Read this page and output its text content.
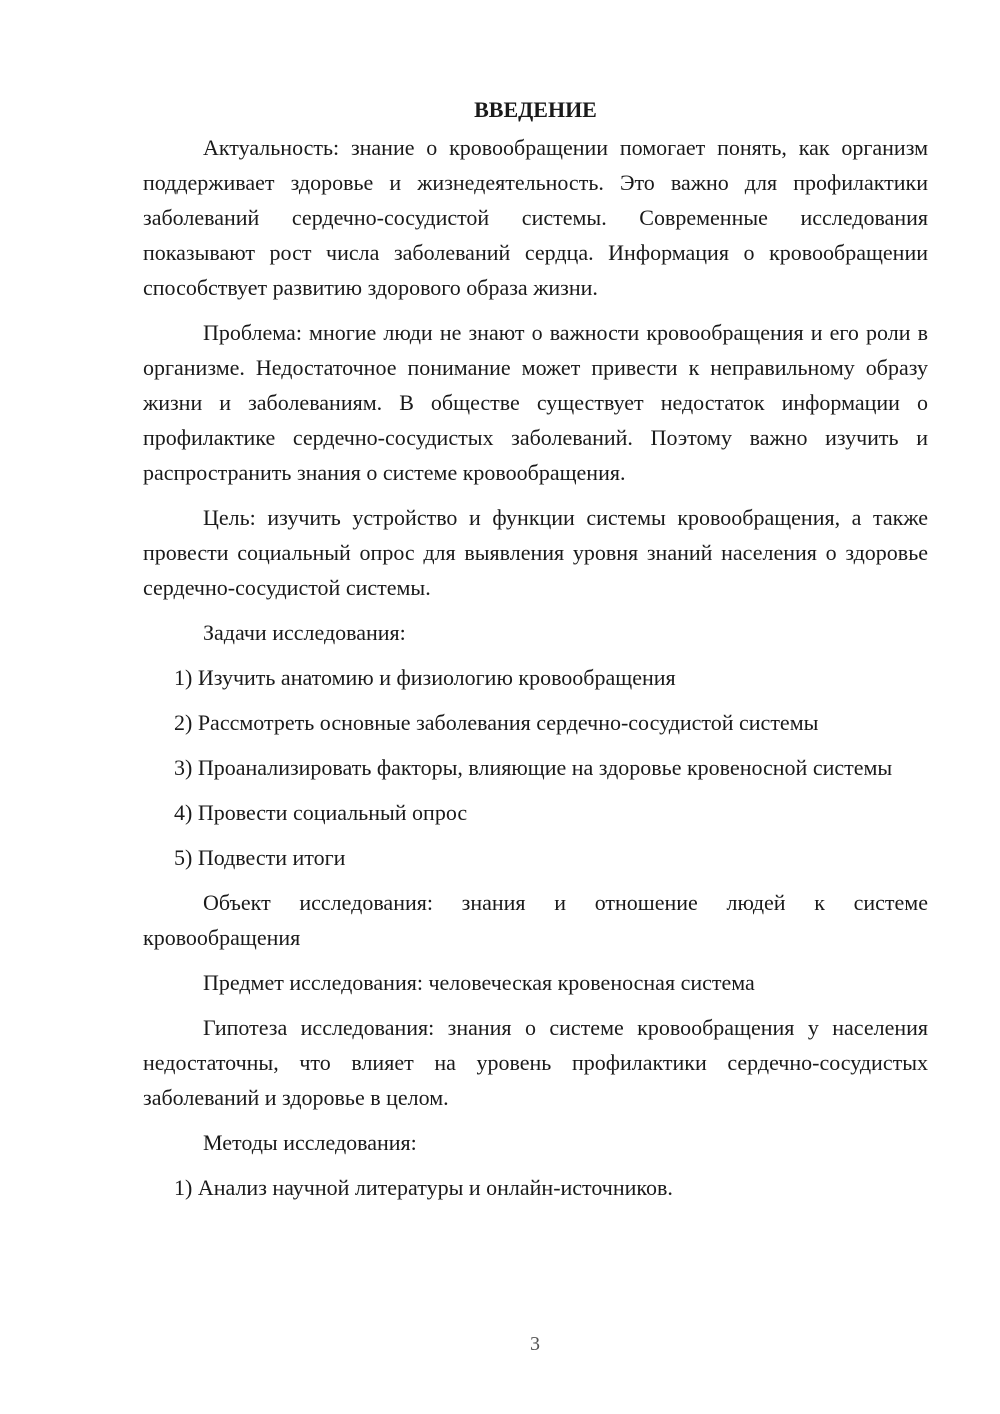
ВВЕДЕНИЕ

Актуальность: знание о кровообращении помогает понять, как организм поддерживает здоровье и жизнедеятельность. Это важно для профилактики заболеваний сердечно-сосудистой системы. Современные исследования показывают рост числа заболеваний сердца. Информация о кровообращении способствует развитию здорового образа жизни.

Проблема: многие люди не знают о важности кровообращения и его роли в организме. Недостаточное понимание может привести к неправильному образу жизни и заболеваниям. В обществе существует недостаток информации о профилактике сердечно-сосудистых заболеваний. Поэтому важно изучить и распространить знания о системе кровообращения.

Цель: изучить устройство и функции системы кровообращения, а также провести социальный опрос для выявления уровня знаний населения о здоровье сердечно-сосудистой системы.

Задачи исследования:

1) Изучить анатомию и физиологию кровообращения

2) Рассмотреть основные заболевания сердечно-сосудистой системы

3) Проанализировать факторы, влияющие на здоровье кровеносной системы

4) Провести социальный опрос

5) Подвести итоги

Объект исследования: знания и отношение людей к системе кровообращения

Предмет исследования: человеческая кровеносная система

Гипотеза исследования: знания о системе кровообращения у населения недостаточны, что влияет на уровень профилактики сердечно-сосудистых заболеваний и здоровье в целом.

Методы исследования:

1) Анализ научной литературы и онлайн-источников.

3
